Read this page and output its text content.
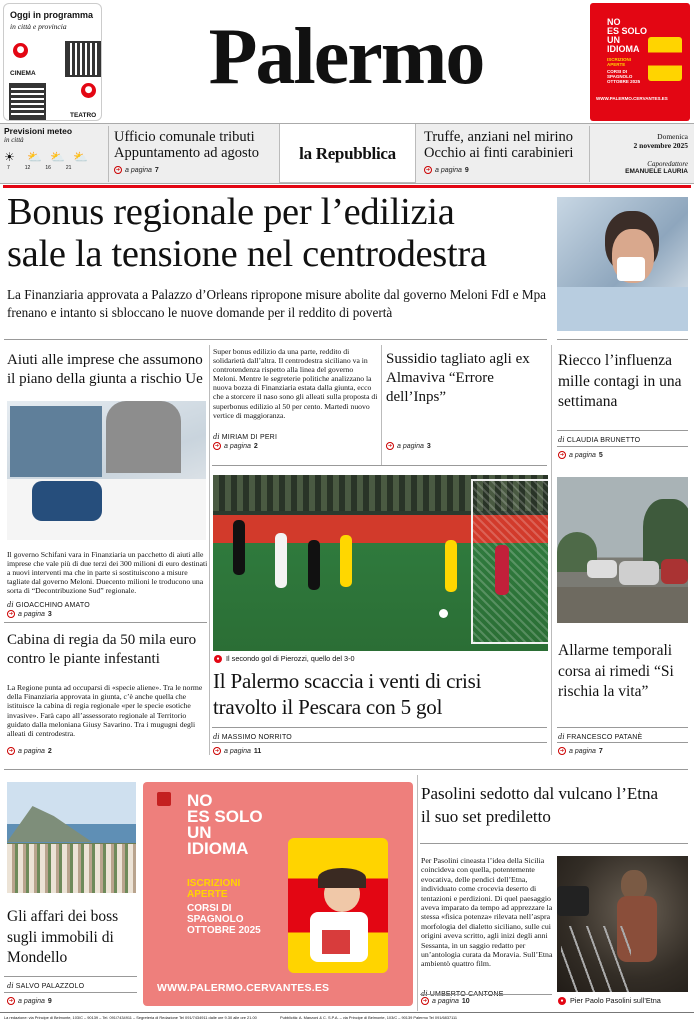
Oggi in programma
in città e provincia
●
CINEMA
●
TEATRO
Palermo	NO
ES SOLO
UN
IDIOMA
ISCRIZIONI APERTE
CORSI DI SPAGNOLO OTTOBRE 2025
WWW.PALERMO.CERVANTES.ES
Previsioni meteo
in città
☀	⛅ ⛅ ⛅
7	12	16	21
Ufficio comunale tributi
Appuntamento ad agosto
➜ a pagina 7
la Repubblica
Truffe, anziani nel mirino
Occhio ai finti carabinieri
➜ a pagina 9
Domenica
2 novembre 2025
Caporedattore
EMANUELE LAURIA
Bonus regionale per l’edilizia
sale la tensione nel centrodestra
La Finanziaria approvata a Palazzo d’Orleans ripropone misure abolite dal governo Meloni FdI e Mpa frenano e intanto si sbloccano le nuove domande per il reddito di povertà
Aiuti alle imprese che assumono il piano della giunta a rischio Ue
Il governo Schifani vara in Finanziaria un pacchetto di aiuti alle imprese che vale più di due terzi dei 300 milioni di euro destinati a nuovi interventi ma che in parte si sostituiscono a misure tagliate dal governo Meloni. Duecento milioni le troducono una sorta di “Decontribuzione Sud” regionale.
di GIOACCHINO AMATO
➜ a pagina 3
Cabina di regia da 50 mila euro contro le piante infestanti
La Regione punta ad occuparsi di «specie aliene». Tra le norme della Finanziaria approvata in giunta, c’è anche quella che istituisce la cabina di regia regionale «per le specie esotiche invasive». Farà capo all’assessorato regionale al Territorio guidato dalla meloniana Giusy Savarino. Tra i mugugni degli alleati di centrodestra.
➜ a pagina 2
Super bonus edilizio da una parte, reddito di solidarietà dall’altra. Il centrodestra siciliano va in controtendenza rispetto alla linea del governo Meloni. Mentre le segreterie politiche analizzano la nuova bozza di Finanziaria estata dalla giunta, ecco che a storcere il naso sono gli alleati sulla proposta di superbonus edilizio al 50 per cento. Martedì nuovo vertice di maggioranza.
di MIRIAM DI PERI
➜ a pagina 2
Sussidio tagliato agli ex Almaviva “Errore dell’Inps”
➜ a pagina 3
● Il secondo gol di Pierozzi, quello del 3-0
Il Palermo scaccia i venti di crisi travolto il Pescara con 5 gol
di MASSIMO NORRITO
➜ a pagina 11
Riecco l’influenza mille contagi in una settimana
di CLAUDIA BRUNETTO
➜ a pagina 5
Allarme temporali corsa ai rimedi “Si rischia la vita”
di FRANCESCO PATANÈ
➜ a pagina 7
Gli affari dei boss sugli immobili di Mondello
di SALVO PALAZZOLO
➜ a pagina 9
NO
ES SOLO
UN
IDIOMA
ISCRIZIONI APERTE
CORSI DI SPAGNOLO OTTOBRE 2025
WWW.PALERMO.CERVANTES.ES
Pasolini sedotto dal vulcano l’Etna il suo set prediletto
Per Pasolini cineasta l’idea della Sicilia coincideva con quella, potentemente evocativa, delle pendici dell’Etna, individuato come crocevia deserto di tentazioni e perdizioni. Di quel paesaggio aveva imparato da tempo ad apprezzare la stessa «fisica potenza» rilevata nell’aspra morfologia del dialetto siciliano, sulle cui origini aveva scritto, agli inizi degli anni Sessanta, in un saggio redatto per un’antologia curata da Moravia. Sull’Etna ambientò quattro film.
➜ a pagina 10	● Pier Paolo Pasolini sull’Etna
La redazione: via Principe di Belmonte, 103/C – 90139 – Tel. 091/7434911 – Segreteria di Redazione Tel 091/7434911 dalle ore 9.30 alle ore 21.00	Pubblicità: A. Manzoni & C. S.P.A. – via Principe di Belmonte, 103/C – 90139 Palermo Tel 091/6837111
